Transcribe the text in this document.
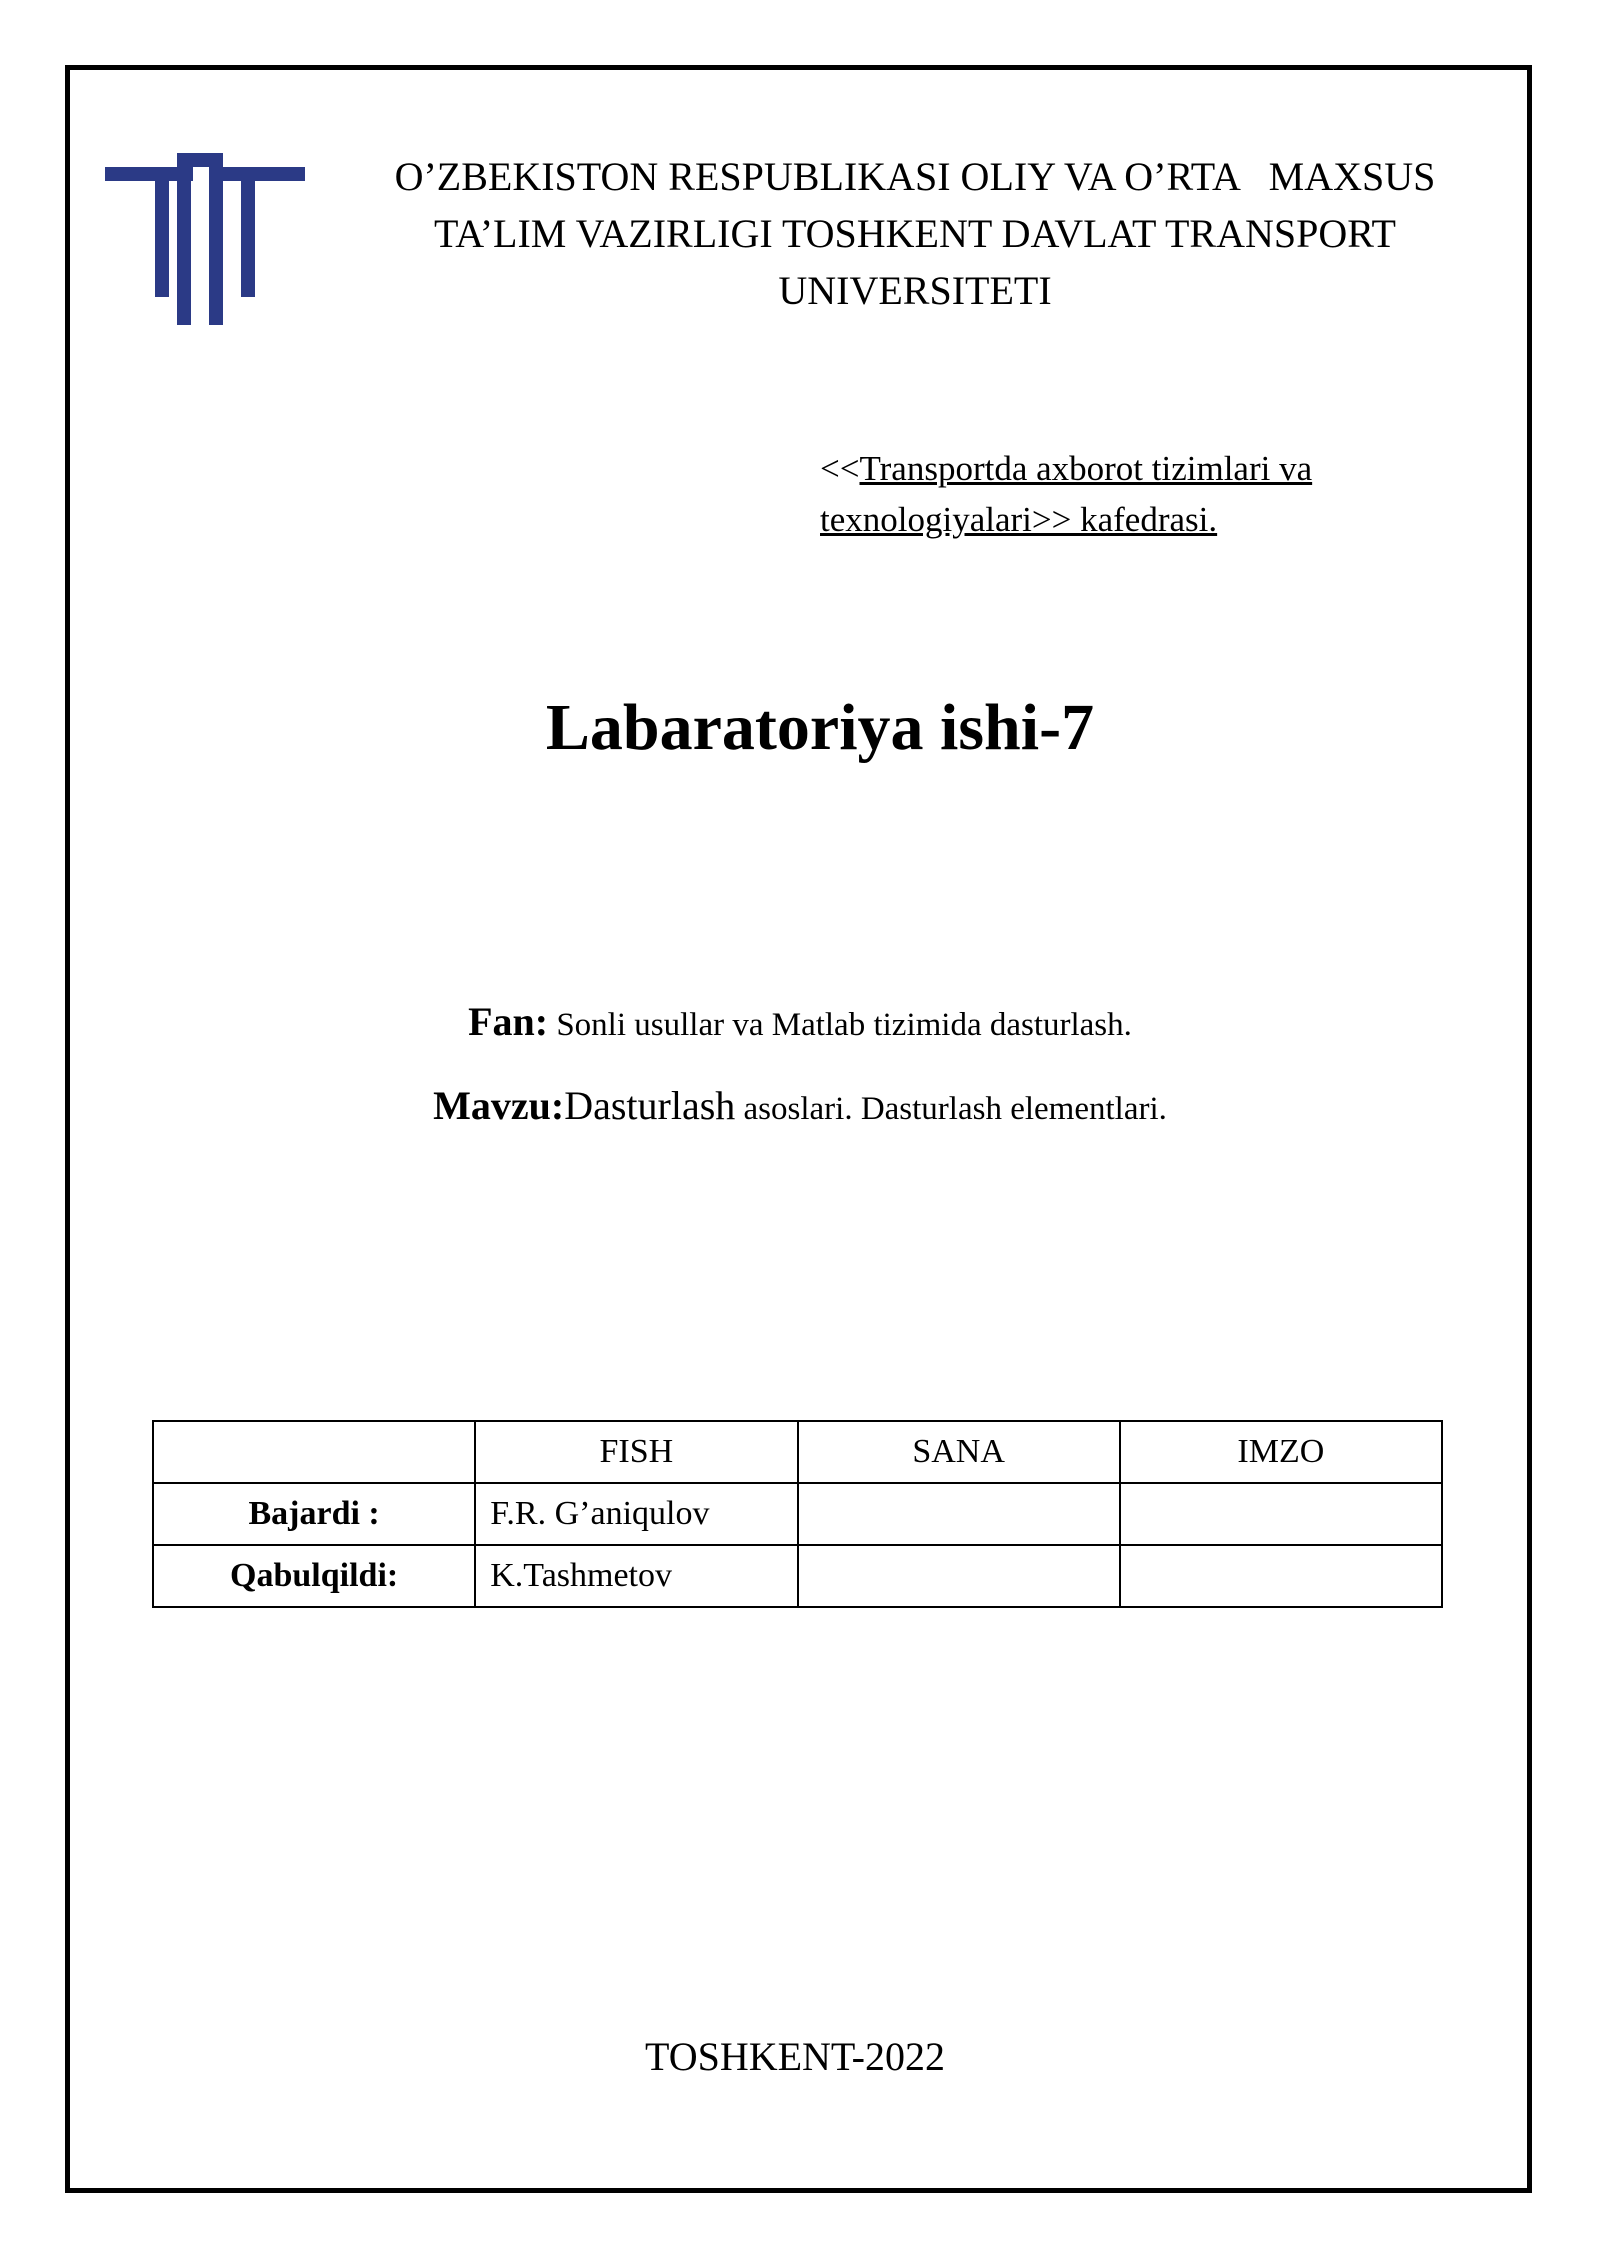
O’ZBEKISTON RESPUBLIKASI OLIY VA O’RTA   MAXSUS
TA’LIM VAZIRLIGI TOSHKENT DAVLAT TRANSPORT
UNIVERSITETI
<<Transportda axborot tizimlari va
texnologiyalari>> kafedrasi.
Labaratoriya ishi-7
Fan: Sonli usullar va Matlab tizimida dasturlash.
Mavzu:Dasturlash asoslari. Dasturlash elementlari.
	FISH	SANA	IMZO
Bajardi :	F.R. G’aniqulov		
Qabulqildi:	K.Tashmetov		
TOSHKENT-2022
